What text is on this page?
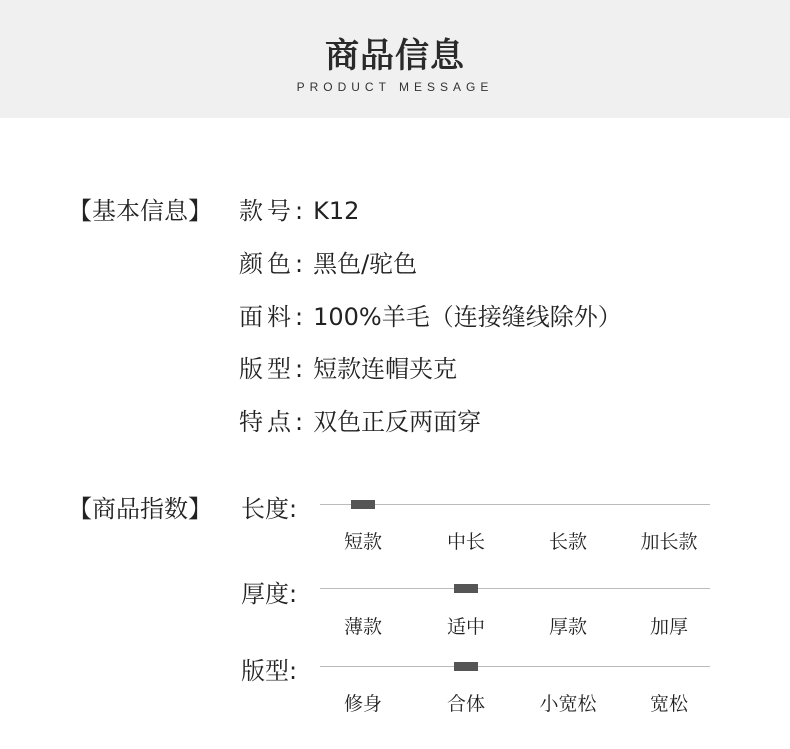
商品信息
PRODUCT MESSAGE
【基本信息】 款号: K12
颜色: 黑色/驼色
面料: 100%羊毛（连接缝线除外）
版型: 短款连帽夹克
特点: 双色正反两面穿
【商品指数】 长度:
短款	中长	长款	加长款
厚度:
薄款	适中	厚款	加厚
版型:
修身	合体	小宽松	宽松
